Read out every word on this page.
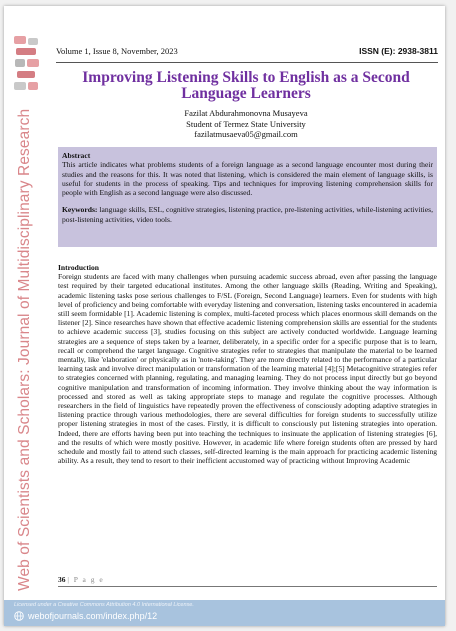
Web of Scientists and Scholars: Journal of Multidisciplinary Research
Volume 1, Issue 8, November, 2023	ISSN (E): 2938-3811
Improving Listening Skills to English as a Second Language Learners
Fazilat Abdurahmonovna Musayeva
Student of Termez State University
fazilatmusaeva05@gmail.com
Abstract
This article indicates what problems students of a foreign language as a second language encounter most during their studies and the reasons for this. It was noted that listening, which is considered the main element of language skills, is useful for students in the process of speaking. Tips and techniques for improving listening comprehension skills for people with English as a second language were also discussed.
Keywords: language skills, ESL, cognitive strategies, listening practice, pre-listening activities, while-listening activities, post-listening activities, video tools.
Introduction
Foreign students are faced with many challenges when pursuing academic success abroad, even after passing the language test required by their targeted educational institutes. Among the other language skills (Reading, Writing and Speaking), academic listening tasks pose serious challenges to F/SL (Foreign, Second Language) learners. Even for students with high level of proficiency and being comfortable with everyday listening and conversation, listening tasks encountered in academia still seem formidable [1]. Academic listening is complex, multi-faceted process which places enormous skill demands on the listener [2]. Since researches have shown that effective academic listening comprehension skills are essential for the students to achieve academic success [3], studies focusing on this subject are actively conducted worldwide. Language learning strategies are a sequence of steps taken by a learner, deliberately, in a specific order for a specific purpose that is to learn, recall or comprehend the target language. Cognitive strategies refer to strategies that manipulate the material to be learned mentally, like 'elaboration' or physically as in 'note-taking'. They are more directly related to the performance of a particular learning task and involve direct manipulation or transformation of the learning material [4];[5] Metacognitive strategies refer to strategies concerned with planning, regulating, and managing learning. They do not process input directly but go beyond cognitive manipulation and transformation of incoming information. They involve thinking about the way information is processed and stored as well as taking appropriate steps to manage and regulate the cognitive processes. Although researchers in the field of linguistics have repeatedly proven the effectiveness of consciously adopting adaptive strategies in listening practice through various methodologies, there are several difficulties for foreign students to successfully utilize proper listening strategies in most of the cases. Firstly, it is difficult to consciously put listening strategies into operation. Indeed, there are efforts having been put into teaching the techniques to insinuate the application of listening strategies [6], and the results of which were mostly positive. However, in academic life where foreign students often are pressed by hard schedule and mostly fail to attend such classes, self-directed learning is the main approach for practicing academic listening ability. As a result, they tend to resort to their inefficient accustomed way of practicing without Improving Academic
36 | P a g e
Licensed under a Creative Commons Attribution 4.0 International License.
webofjournals.com/index.php/12
